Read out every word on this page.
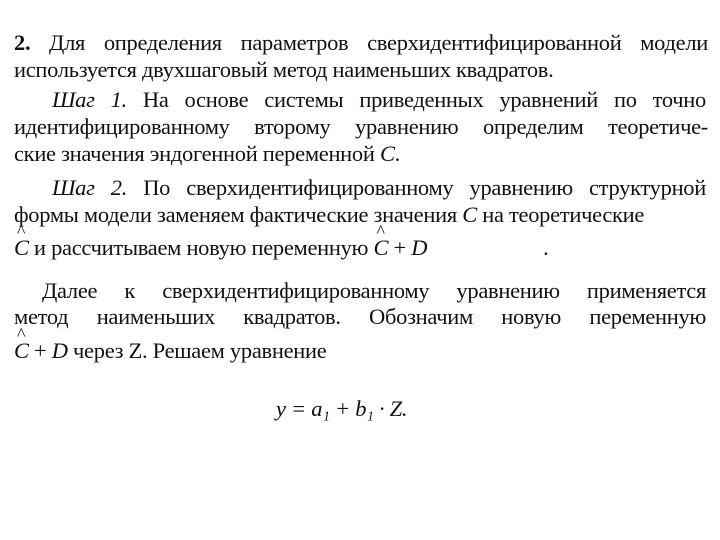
2. Для определения параметров сверхидентифицированной модели

используется двухшаговый метод наименьших квадратов.

Шаг 1. На основе системы приведенных уравнений по точно

идентифицированному второму уравнению определим теоретиче-

ские значения эндогенной переменной C.

Шаг 2. По сверхидентифицированному уравнению структурной

формы модели заменяем фактические значения C на теоретические

^ C и рассчитываем новую переменную ^ C + D	.

Далее к сверхидентифицированному уравнению применяется

метод наименьших квадратов. Обозначим новую переменную

^ C + D через Z. Решаем уравнение

y = a₁ + b₁ · Z.
